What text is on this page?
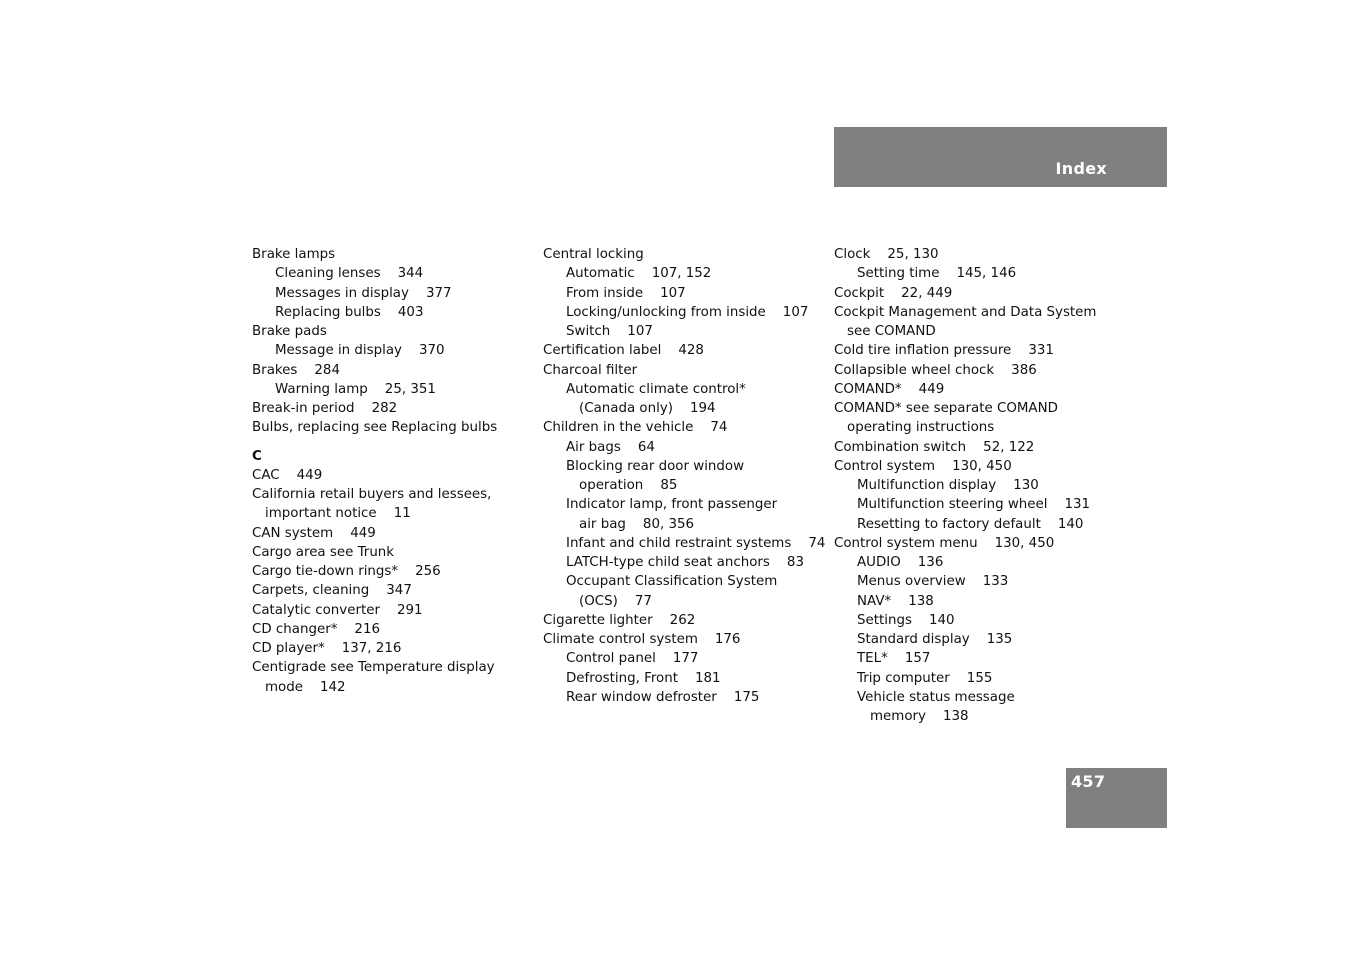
Index
Brake lamps
Cleaning lenses    344
Messages in display    377
Replacing bulbs    403
Brake pads
Message in display    370
Brakes    284
Warning lamp    25, 351
Break-in period    282
Bulbs, replacing see Replacing bulbs
C
CAC    449
California retail buyers and lessees,
important notice    11
CAN system    449
Cargo area see Trunk
Cargo tie-down rings*    256
Carpets, cleaning    347
Catalytic converter    291
CD changer*    216
CD player*    137, 216
Centigrade see Temperature display
mode    142
Central locking
Automatic    107, 152
From inside    107
Locking/unlocking from inside    107
Switch    107
Certification label    428
Charcoal filter
Automatic climate control*
(Canada only)    194
Children in the vehicle    74
Air bags    64
Blocking rear door window
operation    85
Indicator lamp, front passenger
air bag    80, 356
Infant and child restraint systems    74
LATCH-type child seat anchors    83
Occupant Classification System
(OCS)    77
Cigarette lighter    262
Climate control system    176
Control panel    177
Defrosting, Front    181
Rear window defroster    175
Clock    25, 130
Setting time    145, 146
Cockpit    22, 449
Cockpit Management and Data System
see COMAND
Cold tire inflation pressure    331
Collapsible wheel chock    386
COMAND*    449
COMAND* see separate COMAND
operating instructions
Combination switch    52, 122
Control system    130, 450
Multifunction display    130
Multifunction steering wheel    131
Resetting to factory default    140
Control system menu    130, 450
AUDIO    136
Menus overview    133
NAV*    138
Settings    140
Standard display    135
TEL*    157
Trip computer    155
Vehicle status message
memory    138
457
